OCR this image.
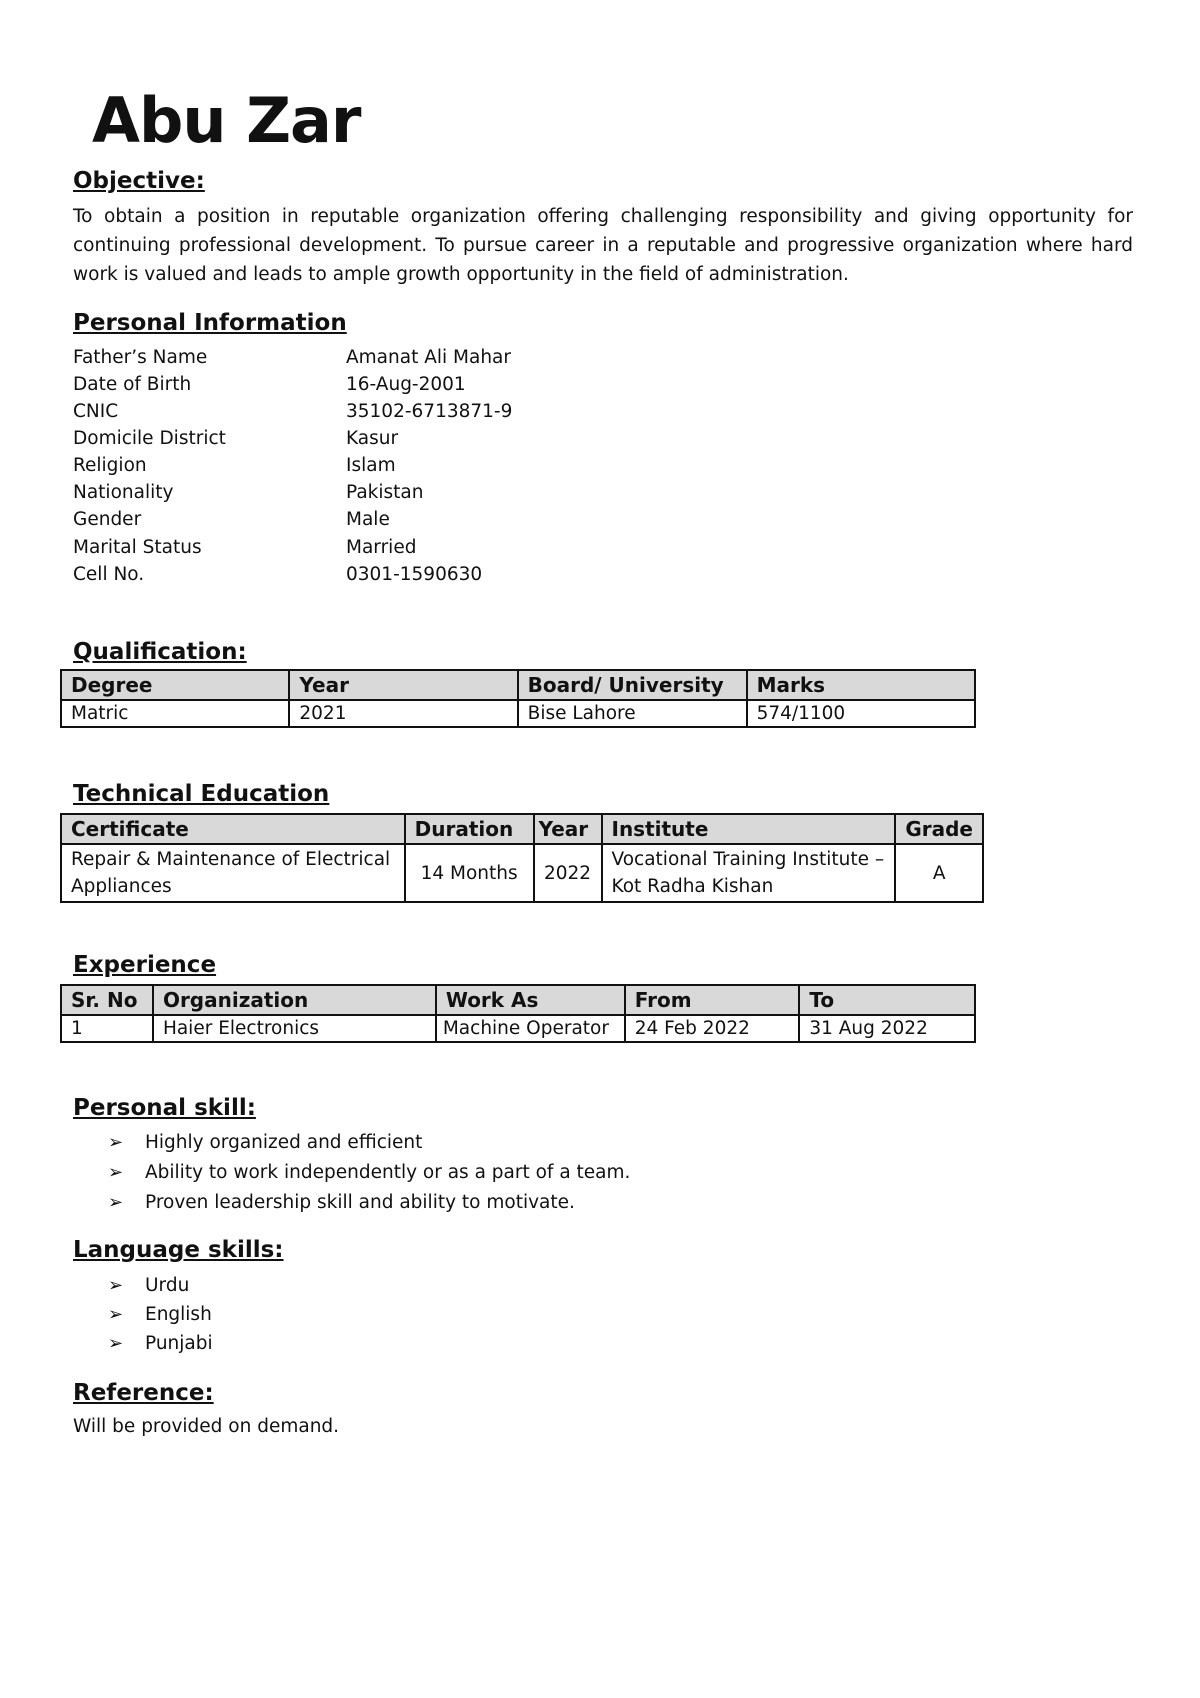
Abu Zar
Objective:
To obtain a position in reputable organization offering challenging responsibility and giving opportunity for continuing professional development. To pursue career in a reputable and progressive organization where hard work is valued and leads to ample growth opportunity in the field of administration.
Personal Information
Father’s Name	Amanat Ali Mahar
Date of Birth	16-Aug-2001
CNIC	35102-6713871-9
Domicile District	Kasur
Religion	Islam
Nationality	Pakistan
Gender	Male
Marital Status	Married
Cell No.	0301-1590630
Qualification:
Degree	Year	Board/ University	Marks
Matric	2021	Bise Lahore	574/1100
Technical Education
Certificate	Duration	Year	Institute	Grade
Repair & Maintenance of Electrical Appliances	14 Months	2022	Vocational Training Institute – Kot Radha Kishan	A
Experience
Sr. No	Organization	Work As	From	To
1	Haier Electronics	Machine Operator	24 Feb 2022	31 Aug 2022
Personal skill:
➢ Highly organized and efficient
➢ Ability to work independently or as a part of a team.
➢ Proven leadership skill and ability to motivate.
Language skills:
➢ Urdu
➢ English
➢ Punjabi
Reference:
Will be provided on demand.
